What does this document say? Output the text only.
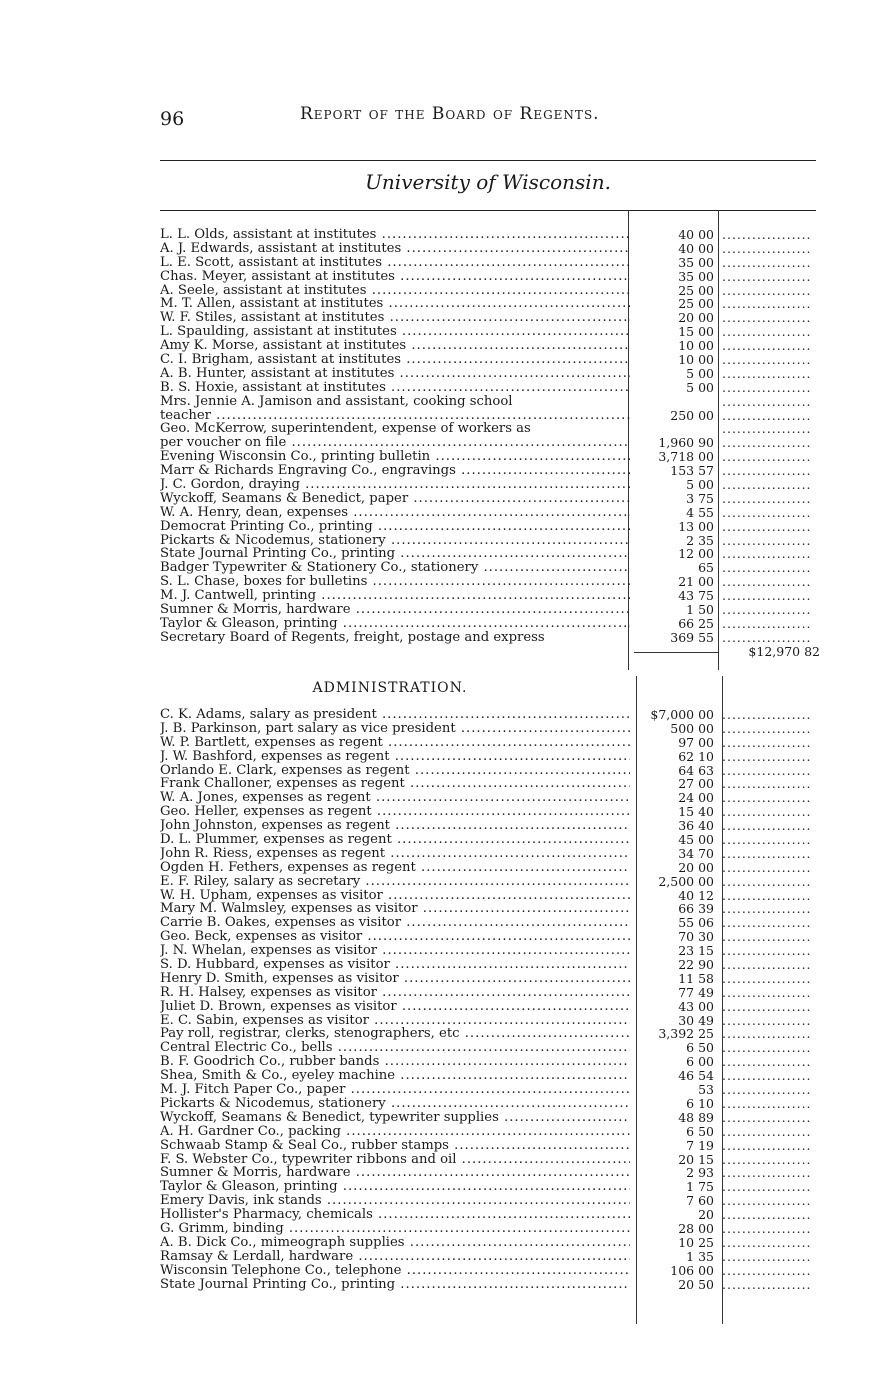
96	Report of the Board of Regents.
University of Wisconsin.
L. L. Olds, assistant at institutes .....	40 00 ..................
A. J. Edwards, assistant at institutes .....	40 00 ..................
L. E. Scott, assistant at institutes .....	35 00 ..................
Chas. Meyer, assistant at institutes .....	35 00 ..................
A. Seele, assistant at institutes .....	25 00 ..................
M. T. Allen, assistant at institutes .....	25 00 ..................
W. F. Stiles, assistant at institutes .....	20 00 ..................
L. Spaulding, assistant at institutes .....	15 00 ..................
Amy K. Morse, assistant at institutes .....	10 00 ..................
C. I. Brigham, assistant at institutes .....	10 00 ..................
A. B. Hunter, assistant at institutes .....	5 00 ..................
B. S. Hoxie, assistant at institutes .....	5 00 ..................
Mrs. Jennie A. Jamison and assistant, cooking school	..................
teacher .....	250 00 ..................
Geo. McKerrow, superintendent, expense of workers as	..................
per voucher on file .....	1,960 90 ..................
Evening Wisconsin Co., printing bulletin .....	3,718 00 ..................
Marr & Richards Engraving Co., engravings .....	153 57 ..................
J. C. Gordon, draying .....	5 00 ..................
Wyckoff, Seamans & Benedict, paper .....	3 75 ..................
W. A. Henry, dean, expenses .....	4 55 ..................
Democrat Printing Co., printing .....	13 00 ..................
Pickarts & Nicodemus, stationery .....	2 35 ..................
State Journal Printing Co., printing .....	12 00 ..................
Badger Typewriter & Stationery Co., stationery .....	65 ..................
S. L. Chase, boxes for bulletins .....	21 00 ..................
M. J. Cantwell, printing .....	43 75 ..................
Sumner & Morris, hardware .....	1 50 ..................
Taylor & Gleason, printing .....	66 25 ..................
Secretary Board of Regents, freight, postage and express	369 55 ..................
$12,970 82
ADMINISTRATION.
C. K. Adams, salary as president .....	$7,000 00 ..................
J. B. Parkinson, part salary as vice president .....	500 00 ..................
W. P. Bartlett, expenses as regent .....	97 00 ..................
J. W. Bashford, expenses as regent .....	62 10 ..................
Orlando E. Clark, expenses as regent .....	64 63 ..................
Frank Challoner, expenses as regent .....	27 00 ..................
W. A. Jones, expenses as regent .....	24 00 ..................
Geo. Heller, expenses as regent .....	15 40 ..................
John Johnston, expenses as regent .....	36 40 ..................
D. L. Plummer, expenses as regent .....	45 00 ..................
John R. Riess, expenses as regent .....	34 70 ..................
Ogden H. Fethers, expenses as regent .....	20 00 ..................
E. F. Riley, salary as secretary .....	2,500 00 ..................
W. H. Upham, expenses as visitor .....	40 12 ..................
Mary M. Walmsley, expenses as visitor .....	66 39 ..................
Carrie B. Oakes, expenses as visitor .....	55 06 ..................
Geo. Beck, expenses as visitor .....	70 30 ..................
J. N. Whelan, expenses as visitor .....	23 15 ..................
S. D. Hubbard, expenses as visitor .....	22 90 ..................
Henry D. Smith, expenses as visitor .....	11 58 ..................
R. H. Halsey, expenses as visitor .....	77 49 ..................
Juliet D. Brown, expenses as visitor .....	43 00 ..................
E. C. Sabin, expenses as visitor .....	30 49 ..................
Pay roll, registrar, clerks, stenographers, etc .....	3,392 25 ..................
Central Electric Co., bells .....	6 50 ..................
B. F. Goodrich Co., rubber bands .....	6 00 ..................
Shea, Smith & Co., eyeley machine .....	46 54 ..................
M. J. Fitch Paper Co., paper .....	53 ..................
Pickarts & Nicodemus, stationery .....	6 10 ..................
Wyckoff, Seamans & Benedict, typewriter supplies .....	48 89 ..................
A. H. Gardner Co., packing .....	6 50 ..................
Schwaab Stamp & Seal Co., rubber stamps .....	7 19 ..................
F. S. Webster Co., typewriter ribbons and oil .....	20 15 ..................
Sumner & Morris, hardware .....	2 93 ..................
Taylor & Gleason, printing .....	1 75 ..................
Emery Davis, ink stands .....	7 60 ..................
Hollister's Pharmacy, chemicals .....	20 ..................
G. Grimm, binding .....	28 00 ..................
A. B. Dick Co., mimeograph supplies .....	10 25 ..................
Ramsay & Lerdall, hardware .....	1 35 ..................
Wisconsin Telephone Co., telephone .....	106 00 ..................
State Journal Printing Co., printing .....	20 50 ..................
